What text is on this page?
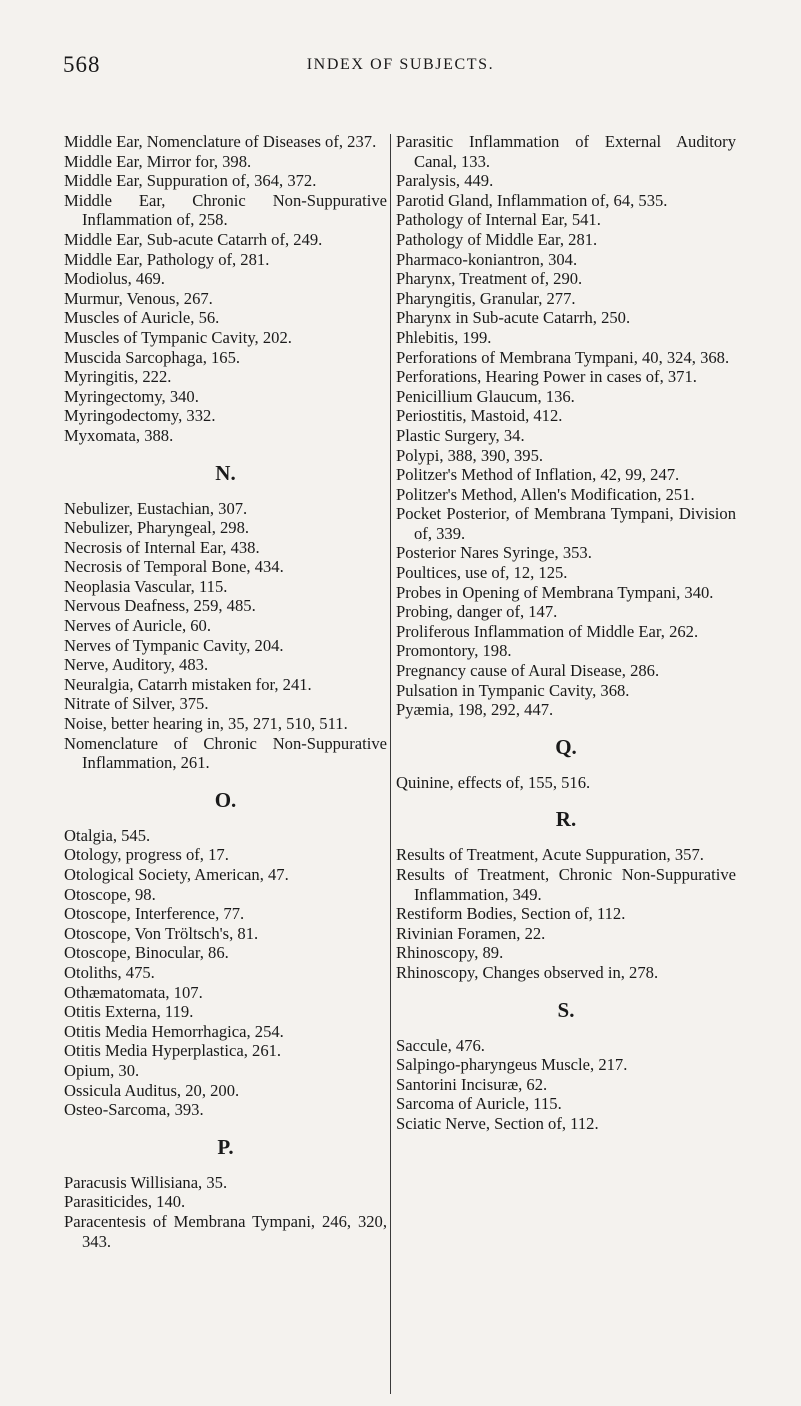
568	INDEX OF SUBJECTS.
Middle Ear, Nomenclature of Diseases of, 237.
Middle Ear, Mirror for, 398.
Middle Ear, Suppuration of, 364, 372.
Middle Ear, Chronic Non-Suppurative Inflammation of, 258.
Middle Ear, Sub-acute Catarrh of, 249.
Middle Ear, Pathology of, 281.
Modiolus, 469.
Murmur, Venous, 267.
Muscles of Auricle, 56.
Muscles of Tympanic Cavity, 202.
Muscida Sarcophaga, 165.
Myringitis, 222.
Myringectomy, 340.
Myringodectomy, 332.
Myxomata, 388.
N.
Nebulizer, Eustachian, 307.
Nebulizer, Pharyngeal, 298.
Necrosis of Internal Ear, 438.
Necrosis of Temporal Bone, 434.
Neoplasia Vascular, 115.
Nervous Deafness, 259, 485.
Nerves of Auricle, 60.
Nerves of Tympanic Cavity, 204.
Nerve, Auditory, 483.
Neuralgia, Catarrh mistaken for, 241.
Nitrate of Silver, 375.
Noise, better hearing in, 35, 271, 510, 511.
Nomenclature of Chronic Non-Suppurative Inflammation, 261.
O.
Otalgia, 545.
Otology, progress of, 17.
Otological Society, American, 47.
Otoscope, 98.
Otoscope, Interference, 77.
Otoscope, Von Tröltsch's, 81.
Otoscope, Binocular, 86.
Otoliths, 475.
Othæmatomata, 107.
Otitis Externa, 119.
Otitis Media Hemorrhagica, 254.
Otitis Media Hyperplastica, 261.
Opium, 30.
Ossicula Auditus, 20, 200.
Osteo-Sarcoma, 393.
P.
Paracusis Willisiana, 35.
Parasiticides, 140.
Paracentesis of Membrana Tympani, 246, 320, 343.
Parasitic Inflammation of External Auditory Canal, 133.
Paralysis, 449.
Parotid Gland, Inflammation of, 64, 535.
Pathology of Internal Ear, 541.
Pathology of Middle Ear, 281.
Pharmaco-koniantron, 304.
Pharynx, Treatment of, 290.
Pharyngitis, Granular, 277.
Pharynx in Sub-acute Catarrh, 250.
Phlebitis, 199.
Perforations of Membrana Tympani, 40, 324, 368.
Perforations, Hearing Power in cases of, 371.
Penicillium Glaucum, 136.
Periostitis, Mastoid, 412.
Plastic Surgery, 34.
Polypi, 388, 390, 395.
Politzer's Method of Inflation, 42, 99, 247.
Politzer's Method, Allen's Modification, 251.
Pocket Posterior, of Membrana Tympani, Division of, 339.
Posterior Nares Syringe, 353.
Poultices, use of, 12, 125.
Probes in Opening of Membrana Tympani, 340.
Probing, danger of, 147.
Proliferous Inflammation of Middle Ear, 262.
Promontory, 198.
Pregnancy cause of Aural Disease, 286.
Pulsation in Tympanic Cavity, 368.
Pyæmia, 198, 292, 447.
Q.
Quinine, effects of, 155, 516.
R.
Results of Treatment, Acute Suppuration, 357.
Results of Treatment, Chronic Non-Suppurative Inflammation, 349.
Restiform Bodies, Section of, 112.
Rivinian Foramen, 22.
Rhinoscopy, 89.
Rhinoscopy, Changes observed in, 278.
S.
Saccule, 476.
Salpingo-pharyngeus Muscle, 217.
Santorini Incisuræ, 62.
Sarcoma of Auricle, 115.
Sciatic Nerve, Section of, 112.
